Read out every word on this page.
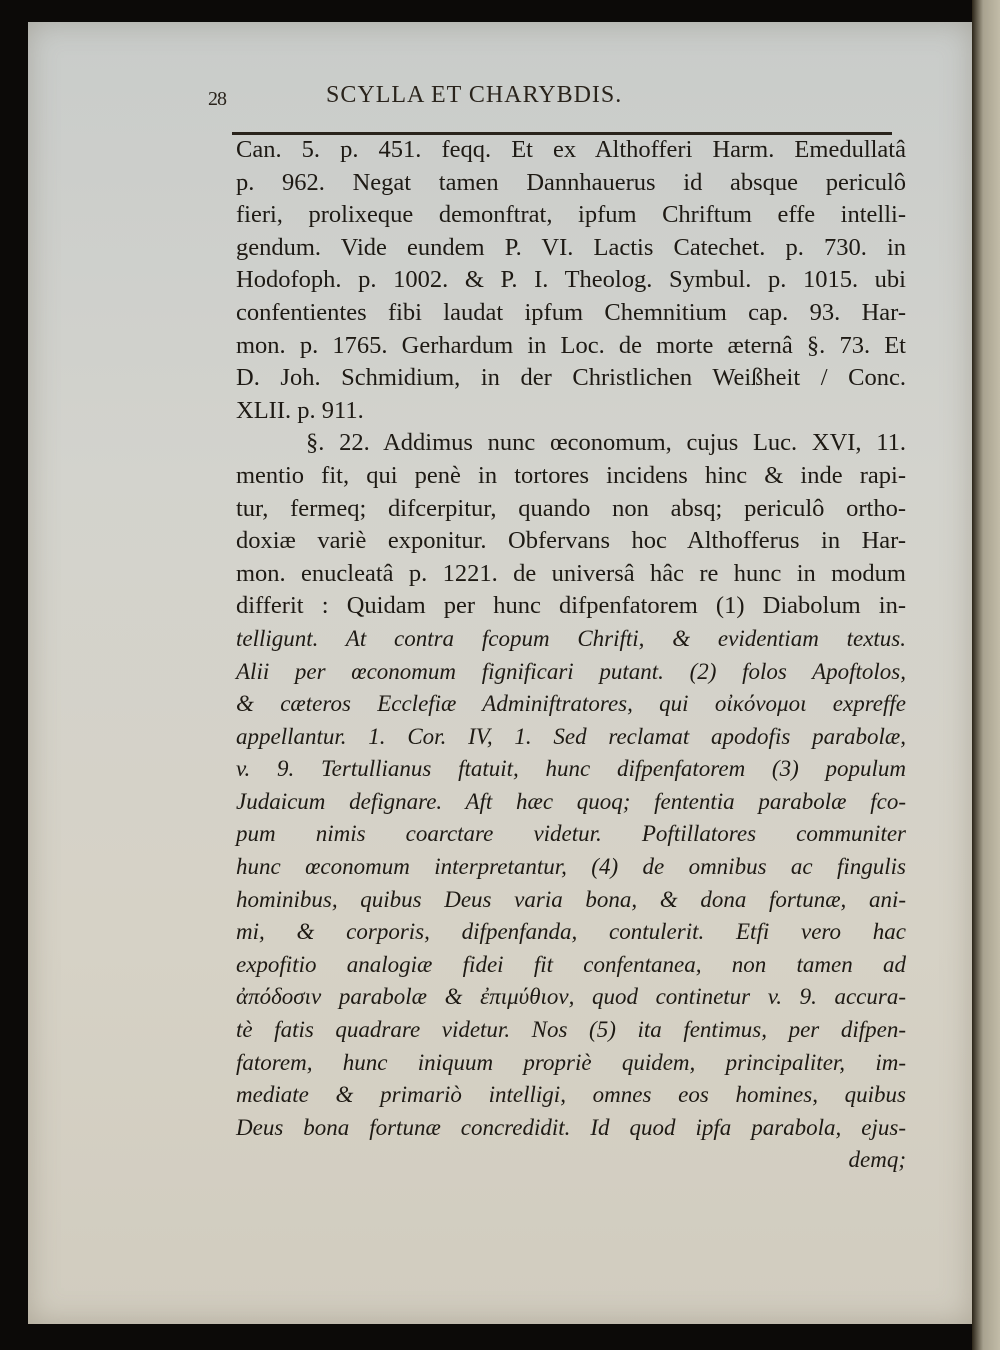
28	SCYLLA ET CHARYBDIS.
Can. 5. p. 451. feqq. Et ex Althofferi Harm. Emedullatâ
p. 962. Negat tamen Dannhauerus id absque periculô
fieri, prolixeque demonftrat, ipfum Chriftum effe intelli-
gendum. Vide eundem P. VI. Lactis Catechet. p. 730. in
Hodofoph. p. 1002. & P. I. Theolog. Symbul. p. 1015. ubi
confentientes fibi laudat ipfum Chemnitium cap. 93. Har-
mon. p. 1765. Gerhardum in Loc. de morte æternâ §. 73. Et
D. Joh. Schmidium, in der Christlichen Weißheit / Conc.
XLII. p. 911.
§. 22. Addimus nunc œconomum, cujus Luc. XVI, 11.
mentio fit, qui penè in tortores incidens hinc & inde rapi-
tur, fermeq; difcerpitur, quando non absq; periculô ortho-
doxiæ variè exponitur. Obfervans hoc Althofferus in Har-
mon. enucleatâ p. 1221. de universâ hâc re hunc in modum
differit : Quidam per hunc difpenfatorem (1) Diabolum in-
telligunt. At contra fcopum Chrifti, & evidentiam textus.
Alii per œconomum fignificari putant. (2) folos Apoftolos,
& cæteros Ecclefiæ Adminiftratores, qui οἰκόνομοι expreffe
appellantur. 1. Cor. IV, 1. Sed reclamat apodofis parabolæ,
v. 9. Tertullianus ftatuit, hunc difpenfatorem (3) populum
Judaicum defignare. Aft hæc quoq; fententia parabolæ fco-
pum nimis coarctare videtur. Poftillatores communiter
hunc œconomum interpretantur, (4) de omnibus ac fingulis
hominibus, quibus Deus varia bona, & dona fortunæ, ani-
mi, & corporis, difpenfanda, contulerit. Etfi vero hac
expofitio analogiæ fidei fit confentanea, non tamen ad
ἀπόδοσιν parabolæ & ἐπιμύθιον, quod continetur v. 9. accura-
tè fatis quadrare videtur. Nos (5) ita fentimus, per difpen-
fatorem, hunc iniquum propriè quidem, principaliter, im-
mediate & primariò intelligi, omnes eos homines, quibus
Deus bona fortunæ concredidit. Id quod ipfa parabola, ejus-
demq;
